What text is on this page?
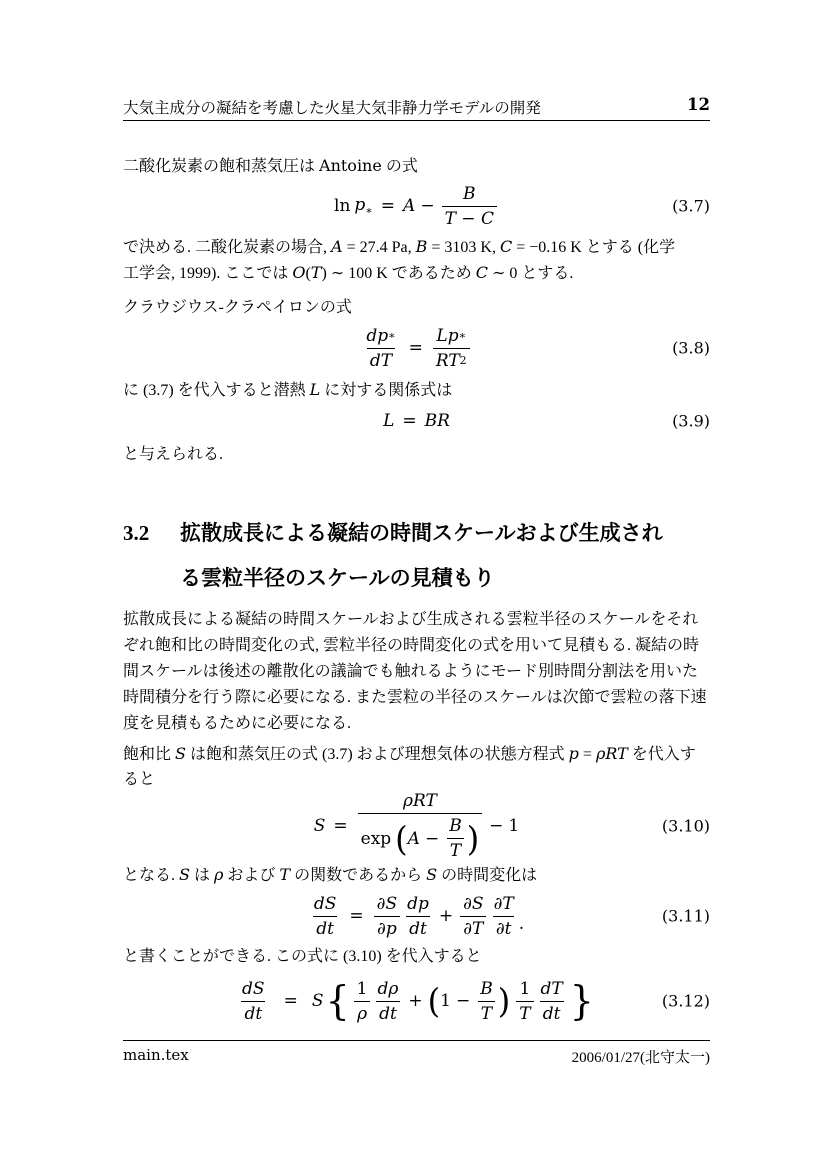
大気主成分の凝結を考慮した火星大気非静力学モデルの開発	12
二酸化炭素の飽和蒸気圧は Antoine の式
$\ln p_∗ = A - \frac{B}{T - C}$	(3.7)
で決める. 二酸化炭素の場合, A = 27.4 Pa, B = 3103 K, C = −0.16 K とする (化学
工学会, 1999). ここでは O(T) ∼ 100 K であるため C ∼ 0 とする.
クラウジウス-クラペイロンの式
$\frac{dp ∗}{dT} = \frac{Lp ∗}{RT 2}$	(3.8)
に (3.7) を代入すると潜熱 L に対する関係式は
L = BR	(3.9)
と与えられる.
3.2 拡散成長による凝結の時間スケールおよび生成され
る雲粒半径のスケールの見積もり
拡散成長による凝結の時間スケールおよび生成される雲粒半径のスケールをそれ
ぞれ飽和比の時間変化の式, 雲粒半径の時間変化の式を用いて見積もる. 凝結の時
間スケールは後述の離散化の議論でも触れるようにモード別時間分割法を用いた
時間積分を行う際に必要になる. また雲粒の半径のスケールは次節で雲粒の落下速
度を見積もるために必要になる.
飽和比 S は飽和蒸気圧の式 (3.7) および理想気体の状態方程式 p = ρRT を代入す
ると
S =
ρRT
exp ( $A - \frac{B}{T}$ ) − 1	(3.10)
となる. S は ρ および T の関数であるから S の時間変化は
$\frac{dS}{dt} = \frac{\partial S}{\partial p} \frac{dp}{dt} + \frac{\partial S}{\partial T} \frac{\partial T}{\partial t}$ .	(3.11)
と書くことができる. この式に (3.10) を代入すると
$\frac{dS}{dt} = S$ { $\frac{1}{\rho} \frac{d\rho}{dt}$ + ( $1 - \frac{B}{T}$ ) $\frac{1}{T} \frac{dT}{dt}$ }	(3.12)
main.tex	2006/01/27(北守太一)
